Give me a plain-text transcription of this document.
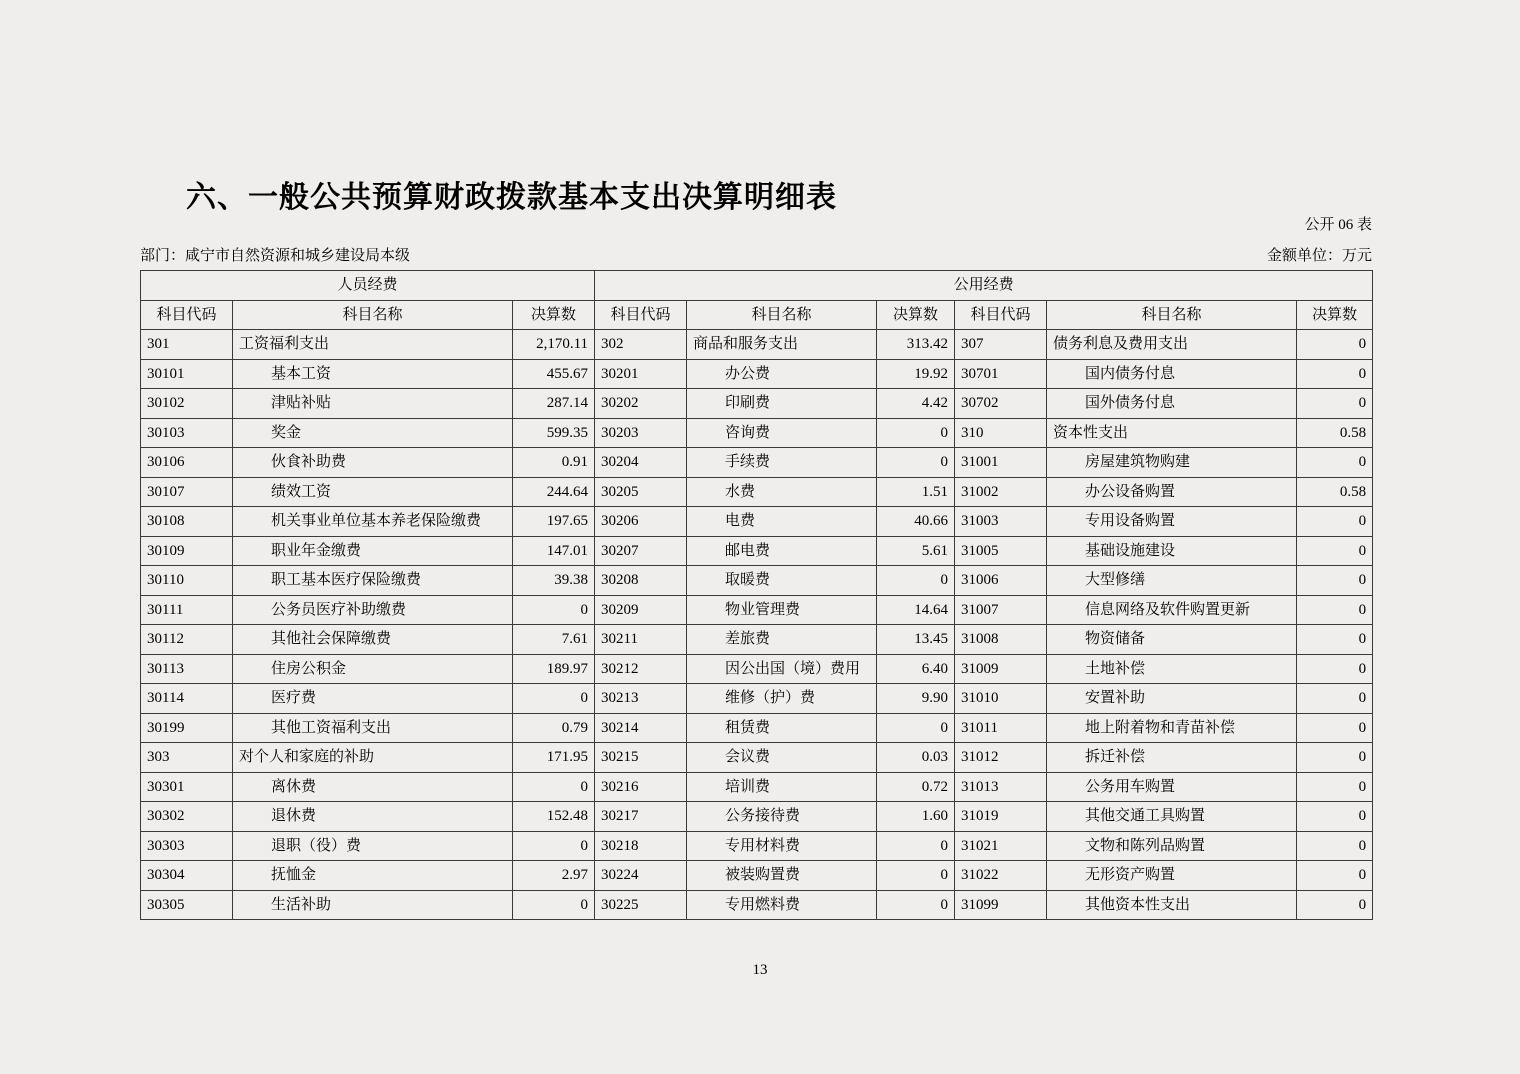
六、一般公共预算财政拨款基本支出决算明细表
公开 06 表
部门：咸宁市自然资源和城乡建设局本级	金额单位：万元
人员经费			公用经费					
科目代码	科目名称	决算数	科目代码	科目名称	决算数	科目代码	科目名称	决算数
301	工资福利支出	2,170.11	302	商品和服务支出	313.42	307	债务利息及费用支出	0
30101	基本工资	455.67	30201	办公费	19.92	30701	国内债务付息	0
30102	津贴补贴	287.14	30202	印刷费	4.42	30702	国外债务付息	0
30103	奖金	599.35	30203	咨询费	0	310	资本性支出	0.58
30106	伙食补助费	0.91	30204	手续费	0	31001	房屋建筑物购建	0
30107	绩效工资	244.64	30205	水费	1.51	31002	办公设备购置	0.58
30108	机关事业单位基本养老保险缴费	197.65	30206	电费	40.66	31003	专用设备购置	0
30109	职业年金缴费	147.01	30207	邮电费	5.61	31005	基础设施建设	0
30110	职工基本医疗保险缴费	39.38	30208	取暖费	0	31006	大型修缮	0
30111	公务员医疗补助缴费	0	30209	物业管理费	14.64	31007	信息网络及软件购置更新	0
30112	其他社会保障缴费	7.61	30211	差旅费	13.45	31008	物资储备	0
30113	住房公积金	189.97	30212	因公出国（境）费用	6.40	31009	土地补偿	0
30114	医疗费	0	30213	维修（护）费	9.90	31010	安置补助	0
30199	其他工资福利支出	0.79	30214	租赁费	0	31011	地上附着物和青苗补偿	0
303	对个人和家庭的补助	171.95	30215	会议费	0.03	31012	拆迁补偿	0
30301	离休费	0	30216	培训费	0.72	31013	公务用车购置	0
30302	退休费	152.48	30217	公务接待费	1.60	31019	其他交通工具购置	0
30303	退职（役）费	0	30218	专用材料费	0	31021	文物和陈列品购置	0
30304	抚恤金	2.97	30224	被装购置费	0	31022	无形资产购置	0
30305	生活补助	0	30225	专用燃料费	0	31099	其他资本性支出	0
13
